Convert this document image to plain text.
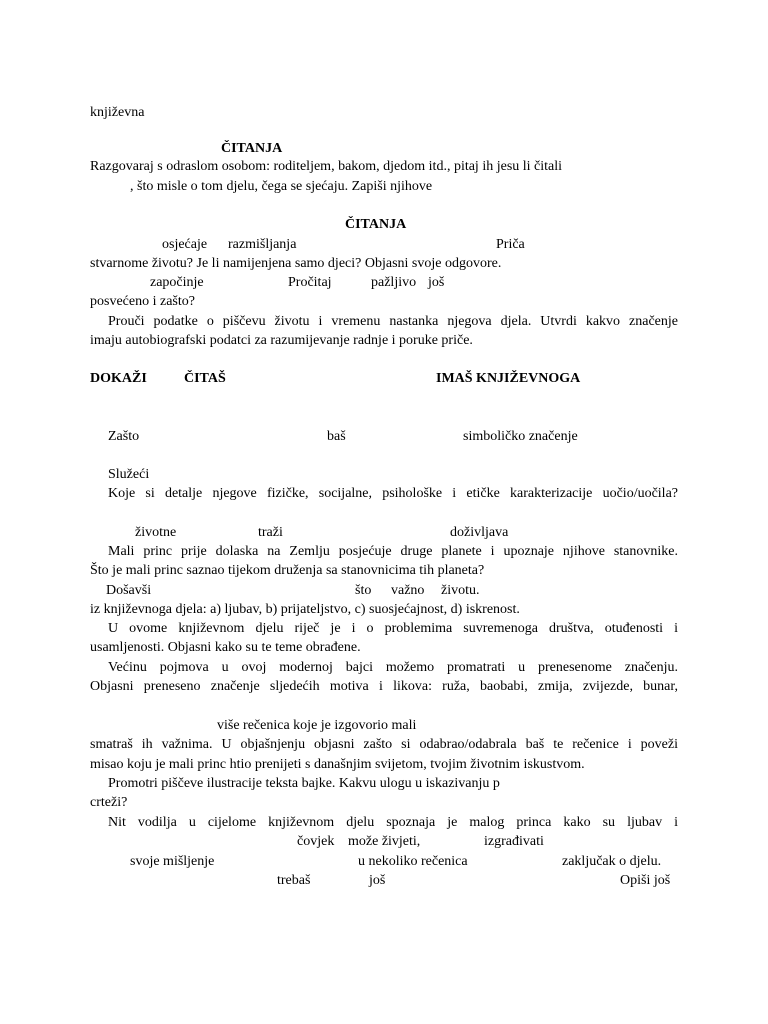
književna
ČITANJA
Razgovaraj s odraslom osobom: roditeljem, bakom, djedom itd., pitaj ih jesu li čitali
, što misle o tom djelu, čega se sjećaju. Zapiši njihove
ČITANJA
osjećaje razmišljanja	Priča
stvarnome životu? Je li namijenjena samo djeci? Objasni svoje odgovore.
započinje	Pročitaj	pažljivo još
posvećeno i zašto?
Prouči podatke o piščevu životu i vremenu nastanka njegova djela. Utvrdi kakvo značenje
imaju autobiografski podatci za razumijevanje radnje i poruke priče.
DOKAŽI	ČITAŠ	IMAŠ KNJIŽEVNOGA
Zašto	baš	simboličko značenje
Služeći
Koje si detalje njegove fizičke, socijalne, psihološke i etičke karakterizacije uočio/uočila?
životne	traži	doživljava
Mali princ prije dolaska na Zemlju posjećuje druge planete i upoznaje njihove stanovnike.
Što je mali princ saznao tijekom druženja sa stanovnicima tih planeta?
Došavši	što važno životu.
iz književnoga djela: a) ljubav, b) prijateljstvo, c) suosjećajnost, d) iskrenost.
U ovome književnom djelu riječ je i o problemima suvremenoga društva, otuđenosti i
usamljenosti. Objasni kako su te teme obrađene.
Većinu pojmova u ovoj modernoj bajci možemo promatrati u prenesenome značenju.
Objasni preneseno značenje sljedećih motiva i likova: ruža, baobabi, zmija, zvijezde, bunar,
više rečenica koje je izgovorio mali
smatraš ih važnima. U objašnjenju objasni zašto si odabrao/odabrala baš te rečenice i poveži
misao koju je mali princ htio prenijeti s današnjim svijetom, tvojim životnim iskustvom.
Promotri piščeve ilustracije teksta bajke. Kakvu ulogu u iskazivanju p
crteži?
Nit vodilja u cijelome književnom djelu spoznaja je malog princa kako su ljubav i
čovjek može živjeti,	izgrađivati
svoje mišljenje	u nekoliko rečenica	zaključak o djelu.
trebaš	još	Opiši još
